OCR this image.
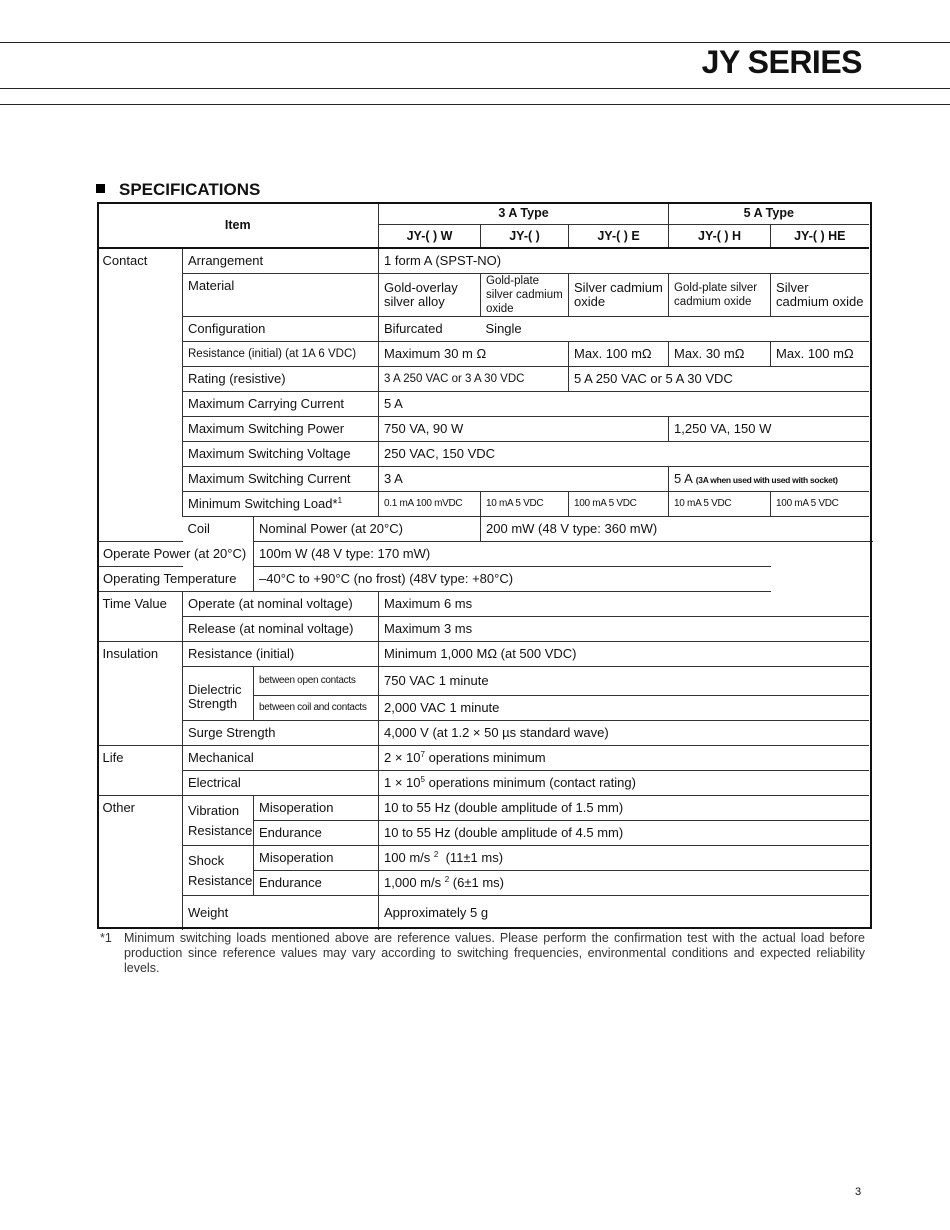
JY SERIES
SPECIFICATIONS
Item			3 A Type			5 A Type	
			JY-( ) W	JY-( )	JY-( ) E	JY-( ) H	JY-( ) HE
Contact	Arrangement		1 form A (SPST-NO)				
	Material		Gold-overlay silver alloy	Gold-plate silver cadmium oxide	Silver cadmium oxide	Gold-plate silver cadmium oxide	Silver cadmium oxide
	Configuration		Bifurcated	Single			
	Resistance (initial) (at 1A 6 VDC)		Maximum 30 m Ω		Max. 100 mΩ	Max. 30 mΩ	Max. 100 mΩ
	Rating (resistive)		3 A 250 VAC or 3 A 30 VDC		5 A 250 VAC or 5 A 30 VDC		
	Maximum Carrying Current		5 A				
	Maximum Switching Power		750 VA, 90 W			1,250 VA, 150 W	
	Maximum Switching Voltage		250 VAC, 150 VDC				
	Maximum Switching Current		3 A			5 A (3A when used with used with socket)	
	Minimum Switching Load*$^1$		0.1 mA 100 mVDC	10 mA 5 VDC	100 mA 5 VDC	10 mA 5 VDC	100 mA 5 VDC
	Coil	Nominal Power (at 20°C)		200 mW (48 V type: 360 mW)			
Operate Power (at 20°C)		100m W (48 V type: 170 mW)					
Operating Temperature		–40°C to +90°C (no frost) (48V type: +80°C)					
Time Value	Operate (at nominal voltage)		Maximum 6 ms				
	Release (at nominal voltage)		Maximum 3 ms				
Insulation	Resistance (initial)		Minimum 1,000 MΩ (at 500 VDC)				
	Dielectric Strength	between open contacts	750 VAC 1 minute				
		between coil and contacts	2,000 VAC 1 minute				
	Surge Strength		4,000 V (at 1.2 × 50 µs standard wave)				
Life	Mechanical		$2 \times 10^7$ operations minimum				
	Electrical		$1 \times 10^5$ operations minimum (contact rating)				
Other	Vibration Resistance	Misoperation	10 to 55 Hz (double amplitude of 1.5 mm)				
		Endurance	10 to 55 Hz (double amplitude of 4.5 mm)				
	Shock Resistance	Misoperation	100 m/s $^2$  (11±1 ms)				
		Endurance	1,000 m/s $^2$ (6±1 ms)				
	Weight		Approximately 5 g				
*1 Minimum switching loads mentioned above are reference values. Please perform the confirmation test with the actual load before production since reference values may vary according to switching frequencies, environmental conditions and expected reliability levels.
3
